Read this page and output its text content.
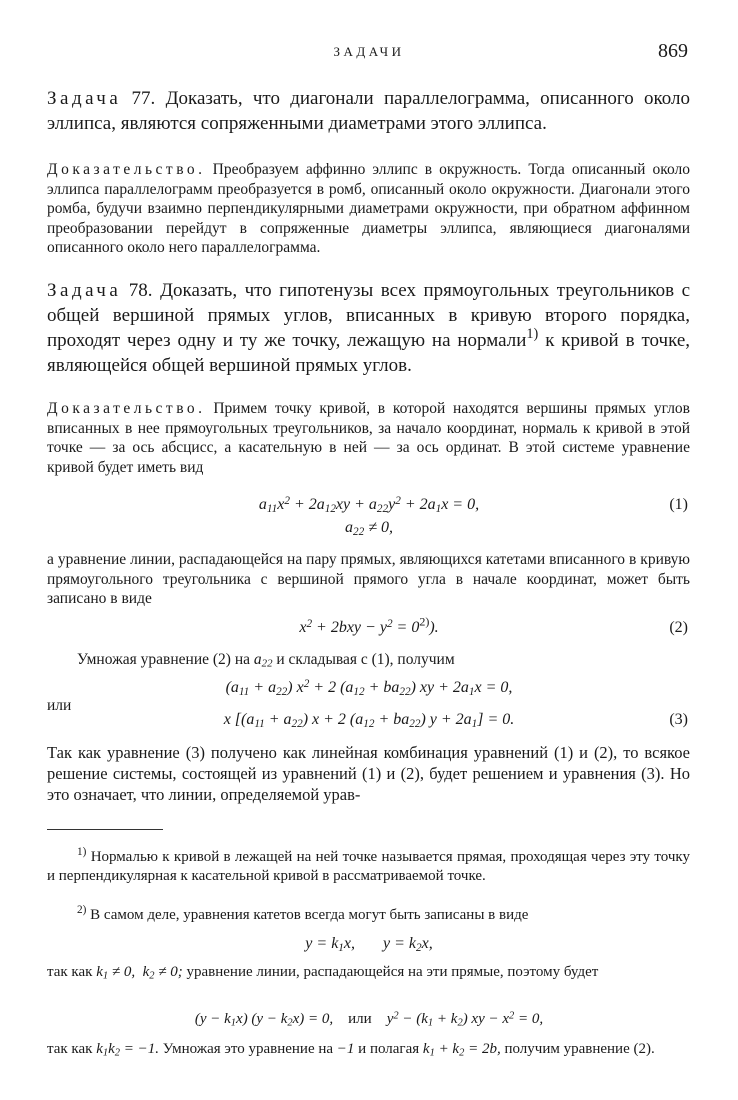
ЗАДАЧИ	869
Задача 77. Доказать, что диагонали параллелограмма, описанного около эллипса, являются сопряженными диаметрами этого эллипса.
Доказательство. Преобразуем аффинно эллипс в окружность. Тогда описанный около эллипса параллелограмм преобразуется в ромб, описанный около окружности. Диагонали этого ромба, будучи взаимно перпендикулярными диаметрами окружности, при обратном аффинном преобразовании перейдут в сопряженные диаметры эллипса, являющиеся диагоналями описанного около него параллелограмма.
Задача 78. Доказать, что гипотенузы всех прямоугольных треугольников с общей вершиной прямых углов, вписанных в кривую второго порядка, проходят через одну и ту же точку, лежащую на нормали$^{1)}$ к кривой в точке, являющейся общей вершиной прямых углов.
Доказательство. Примем точку кривой, в которой находятся вершины прямых углов вписанных в нее прямоугольных треугольников, за начало координат, нормаль к кривой в этой точке — за ось абсцисс, а касательную в ней — за ось ординат. В этой системе уравнение кривой будет иметь вид
$a_{11}x^2 + 2a_{12}xy + a_{22}y^2 + 2a_1x = 0$,	(1)
$a_{22} \ne 0$,
а уравнение линии, распадающейся на пару прямых, являющихся катетами вписанного в кривую прямоугольного треугольника с вершиной прямого угла в начале координат, может быть записано в виде
$x^2 + 2bxy - y^2 = 0^{2)}$).	(2)
Умножая уравнение (2) на $a_{22}$ и складывая с (1), получим
$(a_{11} + a_{22}) x^2 + 2$ $(a_{12} + ba_{22})$ xy + $2a_1x = 0$,
или
x [$(a_{11} + a_{22}) x + 2$ $(a_{12} + ba_{22}) y + 2a_1] = 0$.	(3)
Так как уравнение (3) получено как линейная комбинация уравнений (1) и (2), то всякое решение системы, состоящей из уравнений (1) и (2), будет решением и уравнения (3). Но это означает, что линии, определяемой урав-
$^{1)}$ Нормалью к кривой в лежащей на ней точке называется прямая, проходящая через эту точку и перпендикулярная к касательной кривой в рассматриваемой точке.
$^{2)}$ В самом деле, уравнения катетов всегда могут быть записаны в виде
$y = k_1x$,       $y = k_2x$,
так как $k_1 \ne 0$,  $k_2 \ne 0$; уравнение линии, распадающейся на эти прямые, поэтому будет
$(y - k_1x)$ $(y - k_2x) = 0$,    или    $y^2 - (k_1 + k_2)$ xy − $x^2 = 0$,
так как $k_1k_2 = -1$. Умножая это уравнение на −1 и полагая $k_1 + k_2 = 2b$, получим уравнение (2).
